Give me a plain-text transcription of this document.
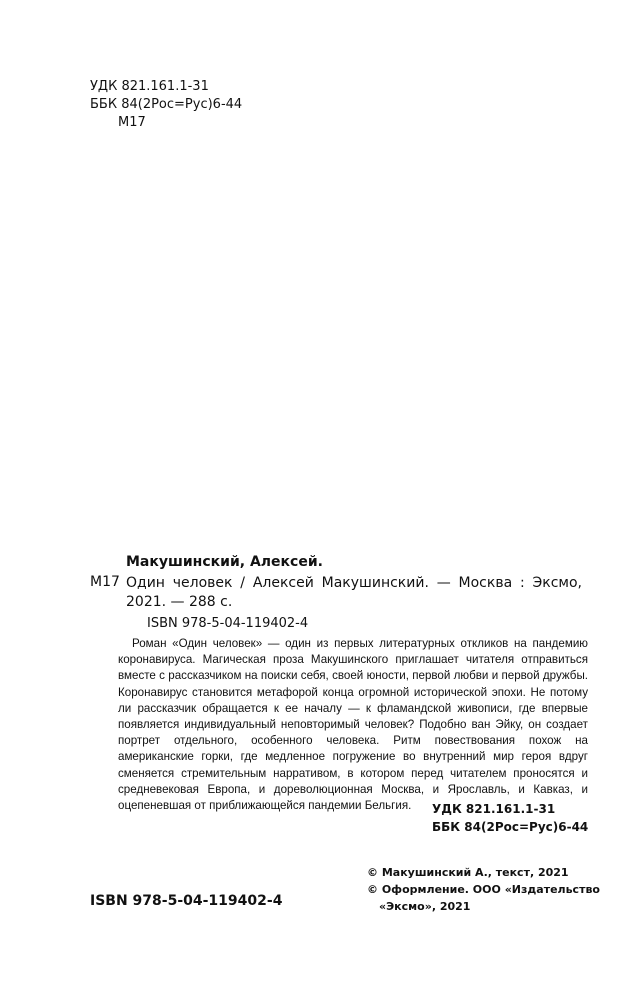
УДК 821.161.1-31
ББК 84(2Рос=Рус)6-44
М17
Макушинский, Алексей.
М17 Один человек / Алексей Макушинский. — Москва : Эксмо, 2021. — 288 с.
ISBN 978-5-04-119402-4

Роман «Один человек» — один из первых литературных откликов на пандемию коронавируса. Магическая проза Макушинского приглашает читателя отправиться вместе с рассказчиком на поиски себя, своей юности, первой любви и первой дружбы. Коронавирус становится метафорой конца огромной исторической эпохи. Не потому ли рассказчик обращается к ее началу — к фламандской живописи, где впервые появляется индивидуальный неповторимый человек? Подобно ван Эйку, он создает портрет отдельного, особенного человека. Ритм повествования похож на американские горки, где медленное погружение во внутренний мир героя вдруг сменяется стремительным нарративом, в котором перед читателем проносятся и средневековая Европа, и дореволюционная Москва, и Ярославль, и Кавказ, и оцепеневшая от приближающейся пандемии Бельгия.	УДК 821.161.1-31
ББК 84(2Рос=Рус)6-44
© Макушинский А., текст, 2021
© Оформление. ООО «Издательство
«Эксмо», 2021
ISBN 978-5-04-119402-4
